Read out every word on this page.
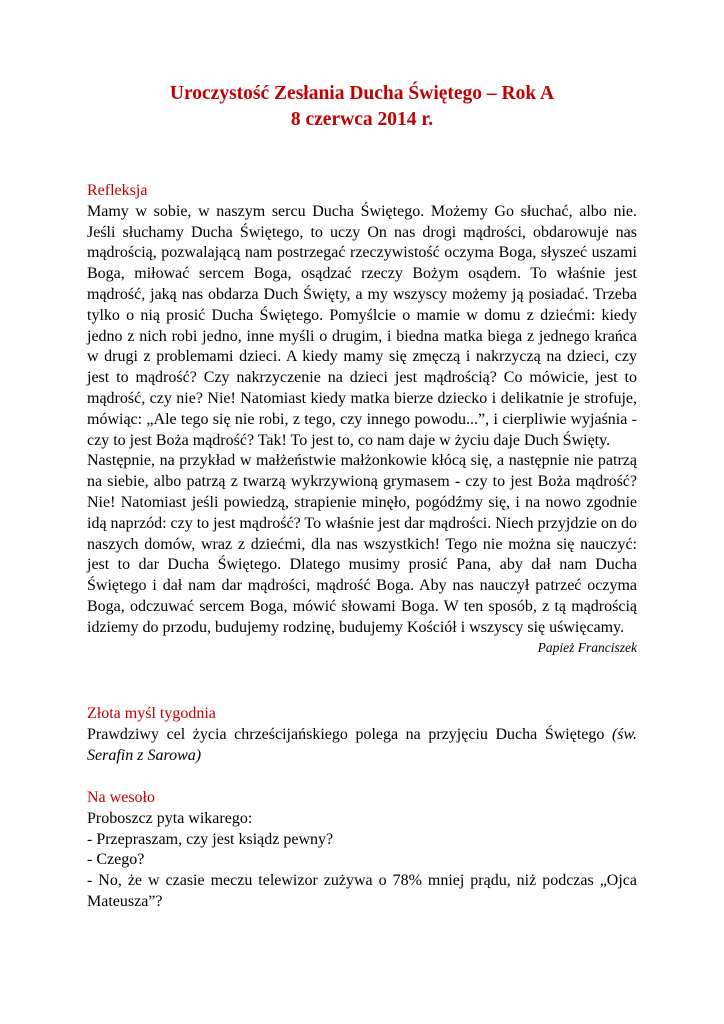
Uroczystość Zesłania Ducha Świętego – Rok A
8 czerwca 2014 r.

Refleksja

Mamy w sobie, w naszym sercu Ducha Świętego. Możemy Go słuchać, albo nie. Jeśli słuchamy Ducha Świętego, to uczy On nas drogi mądrości, obdarowuje nas mądrością, pozwalającą nam postrzegać rzeczywistość oczyma Boga, słyszeć uszami Boga, miłować sercem Boga, osądzać rzeczy Bożym osądem. To właśnie jest mądrość, jaką nas obdarza Duch Święty, a my wszyscy możemy ją posiadać. Trzeba tylko o nią prosić Ducha Świętego. Pomyślcie o mamie w domu z dziećmi: kiedy jedno z nich robi jedno, inne myśli o drugim, i biedna matka biega z jednego krańca w drugi z problemami dzieci. A kiedy mamy się zmęczą i nakrzyczą na dzieci, czy jest to mądrość? Czy nakrzyczenie na dzieci jest mądrością? Co mówicie, jest to mądrość, czy nie? Nie! Natomiast kiedy matka bierze dziecko i delikatnie je strofuje, mówiąc: „Ale tego się nie robi, z tego, czy innego powodu...”, i cierpliwie wyjaśnia - czy to jest Boża mądrość? Tak! To jest to, co nam daje w życiu daje Duch Święty.

Następnie, na przykład w małżeństwie małżonkowie kłócą się, a następnie nie patrzą na siebie, albo patrzą z twarzą wykrzywioną grymasem - czy to jest Boża mądrość? Nie! Natomiast jeśli powiedzą, strapienie minęło, pogódźmy się, i na nowo zgodnie idą naprzód: czy to jest mądrość? To właśnie jest dar mądrości. Niech przyjdzie on do naszych domów, wraz z dziećmi, dla nas wszystkich! Tego nie można się nauczyć: jest to dar Ducha Świętego. Dlatego musimy prosić Pana, aby dał nam Ducha Świętego i dał nam dar mądrości, mądrość Boga. Aby nas nauczył patrzeć oczyma Boga, odczuwać sercem Boga, mówić słowami Boga. W ten sposób, z tą mądrością idziemy do przodu, budujemy rodzinę, budujemy Kościół i wszyscy się uświęcamy.

Papież Franciszek

Złota myśl tygodnia

Prawdziwy cel życia chrześcijańskiego polega na przyjęciu Ducha Świętego (św. Serafin z Sarowa)

Na wesoło

Proboszcz pyta wikarego:

- Przepraszam, czy jest ksiądz pewny?

- Czego?

- No, że w czasie meczu telewizor zużywa o 78% mniej prądu, niż podczas „Ojca Mateusza”?
